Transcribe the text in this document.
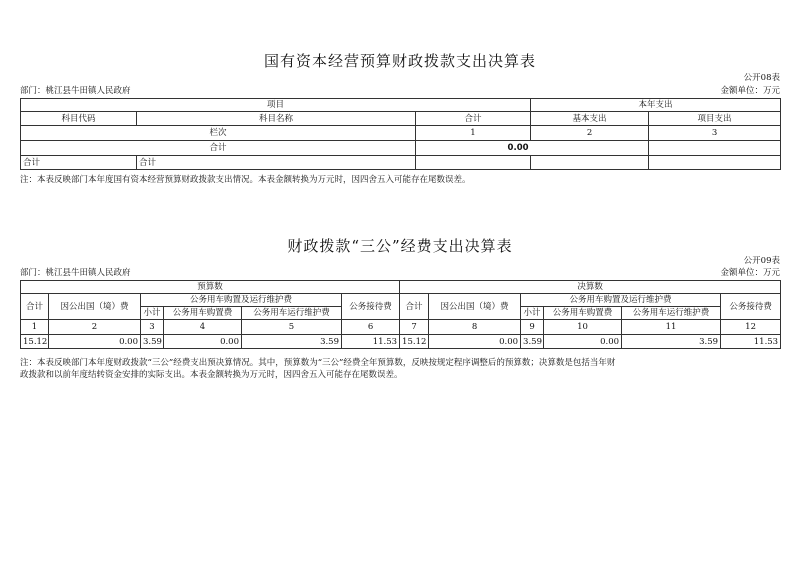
国有资本经营预算财政拨款支出决算表
公开08表
部门：桃江县牛田镇人民政府	金额单位：万元
项目			本年支出	
科目代码	科目名称	合计	基本支出	项目支出
栏次		1	2	3
合计		0.00		
合计	合计			
注：本表反映部门本年度国有资本经营预算财政拨款支出情况。本表金额转换为万元时，因四舍五入可能存在尾数误差。
财政拨款“三公”经费支出决算表
公开09表
部门：桃江县牛田镇人民政府	金额单位：万元
预算数						决算数					
合计	因公出国（境）费	公务用车购置及运行维护费			公务接待费	合计	因公出国（境）费	公务用车购置及运行维护费			公务接待费
		小计	公务用车购置费	公务用车运行维护费				小计	公务用车购置费	公务用车运行维护费	
1	2	3	4	5	6	7	8	9	10	11	12
15.12	0.00	3.59	0.00	3.59	11.53	15.12	0.00	3.59	0.00	3.59	11.53
注：本表反映部门本年度财政拨款“三公”经费支出预决算情况。其中，预算数为“三公”经费全年预算数，反映按规定程序调整后的预算数；决算数是包括当年财
政拨款和以前年度结转资金安排的实际支出。本表金额转换为万元时，因四舍五入可能存在尾数误差。
